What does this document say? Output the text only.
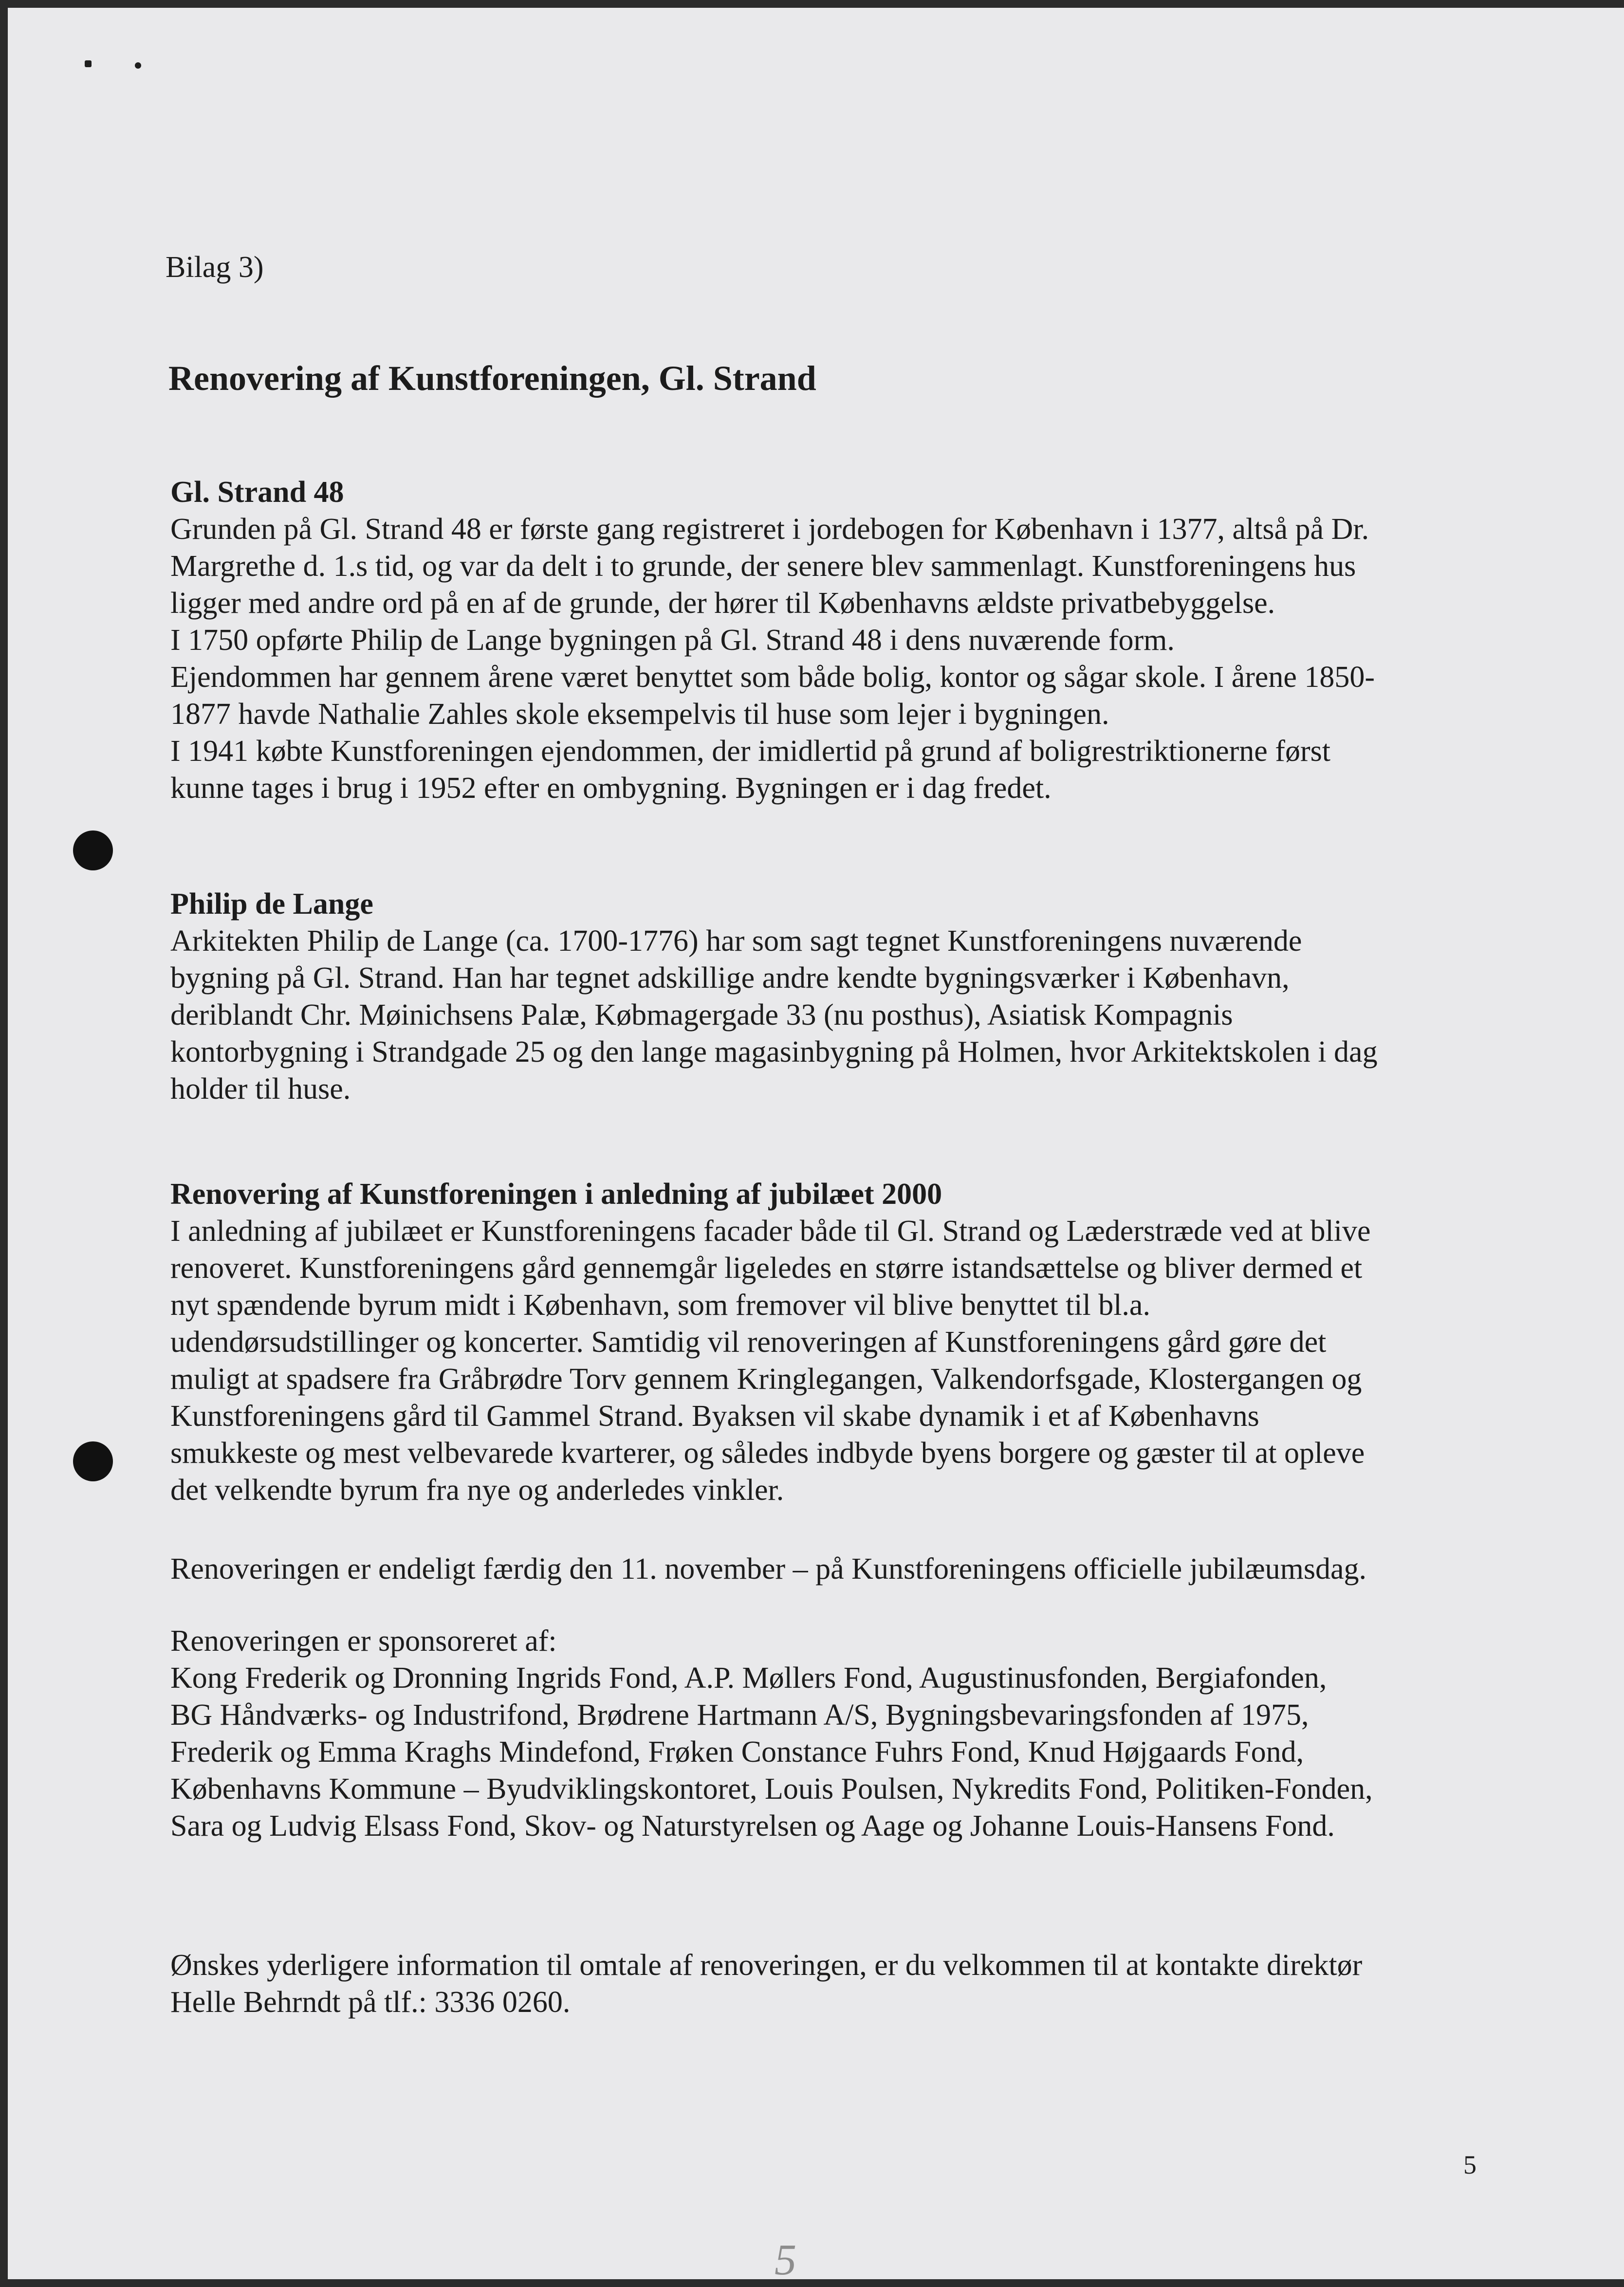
Bilag 3)
Renovering af Kunstforeningen, Gl. Strand
Gl. Strand 48
Grunden på Gl. Strand 48 er første gang registreret i jordebogen for København i 1377, altså på Dr.
Margrethe d. 1.s tid, og var da delt i to grunde, der senere blev sammenlagt. Kunstforeningens hus
ligger med andre ord på en af de grunde, der hører til Københavns ældste privatbebyggelse.
I 1750 opførte Philip de Lange bygningen på Gl. Strand 48 i dens nuværende form.
Ejendommen har gennem årene været benyttet som både bolig, kontor og sågar skole. I årene 1850-
1877 havde Nathalie Zahles skole eksempelvis til huse som lejer i bygningen.
I 1941 købte Kunstforeningen ejendommen, der imidlertid på grund af boligrestriktionerne først
kunne tages i brug i 1952 efter en ombygning. Bygningen er i dag fredet.
Philip de Lange
Arkitekten Philip de Lange (ca. 1700-1776) har som sagt tegnet Kunstforeningens nuværende
bygning på Gl. Strand. Han har tegnet adskillige andre kendte bygningsværker i København,
deriblandt Chr. Møinichsens Palæ, Købmagergade 33 (nu posthus), Asiatisk Kompagnis
kontorbygning i Strandgade 25 og den lange magasinbygning på Holmen, hvor Arkitektskolen i dag
holder til huse.
Renovering af Kunstforeningen i anledning af jubilæet 2000
I anledning af jubilæet er Kunstforeningens facader både til Gl. Strand og Læderstræde ved at blive
renoveret. Kunstforeningens gård gennemgår ligeledes en større istandsættelse og bliver dermed et
nyt spændende byrum midt i København, som fremover vil blive benyttet til bl.a.
udendørsudstillinger og koncerter. Samtidig vil renoveringen af Kunstforeningens gård gøre det
muligt at spadsere fra Gråbrødre Torv gennem Kringlegangen, Valkendorfsgade, Klostergangen og
Kunstforeningens gård til Gammel Strand. Byaksen vil skabe dynamik i et af Københavns
smukkeste og mest velbevarede kvarterer, og således indbyde byens borgere og gæster til at opleve
det velkendte byrum fra nye og anderledes vinkler.
Renoveringen er endeligt færdig den 11. november – på Kunstforeningens officielle jubilæumsdag.
Renoveringen er sponsoreret af:
Kong Frederik og Dronning Ingrids Fond, A.P. Møllers Fond, Augustinusfonden, Bergiafonden,
BG Håndværks- og Industrifond, Brødrene Hartmann A/S, Bygningsbevaringsfonden af 1975,
Frederik og Emma Kraghs Mindefond, Frøken Constance Fuhrs Fond, Knud Højgaards Fond,
Københavns Kommune – Byudviklingskontoret, Louis Poulsen, Nykredits Fond, Politiken-Fonden,
Sara og Ludvig Elsass Fond, Skov- og Naturstyrelsen og Aage og Johanne Louis-Hansens Fond.
Ønskes yderligere information til omtale af renoveringen, er du velkommen til at kontakte direktør
Helle Behrndt på tlf.: 3336 0260.
5
5
